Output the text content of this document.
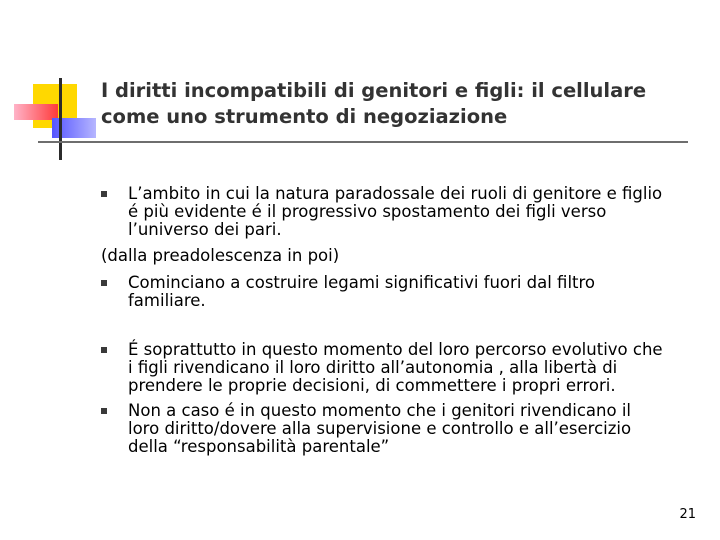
I diritti incompatibili di genitori e figli: il cellulare
come uno strumento di negoziazione
L’ambito in cui la natura paradossale dei ruoli di genitore e figlio
é più evidente é il progressivo spostamento dei figli verso
l’universo dei pari.
(dalla preadolescenza in poi)
Cominciano a costruire legami significativi fuori dal filtro
familiare.
É soprattutto in questo momento del loro percorso evolutivo che
i figli rivendicano il loro diritto all’autonomia , alla libertà di
prendere le proprie decisioni, di commettere i propri errori.
Non a caso é in questo momento che i genitori rivendicano il
loro diritto/dovere alla supervisione e controllo e all’esercizio
della “responsabilità parentale”
21
